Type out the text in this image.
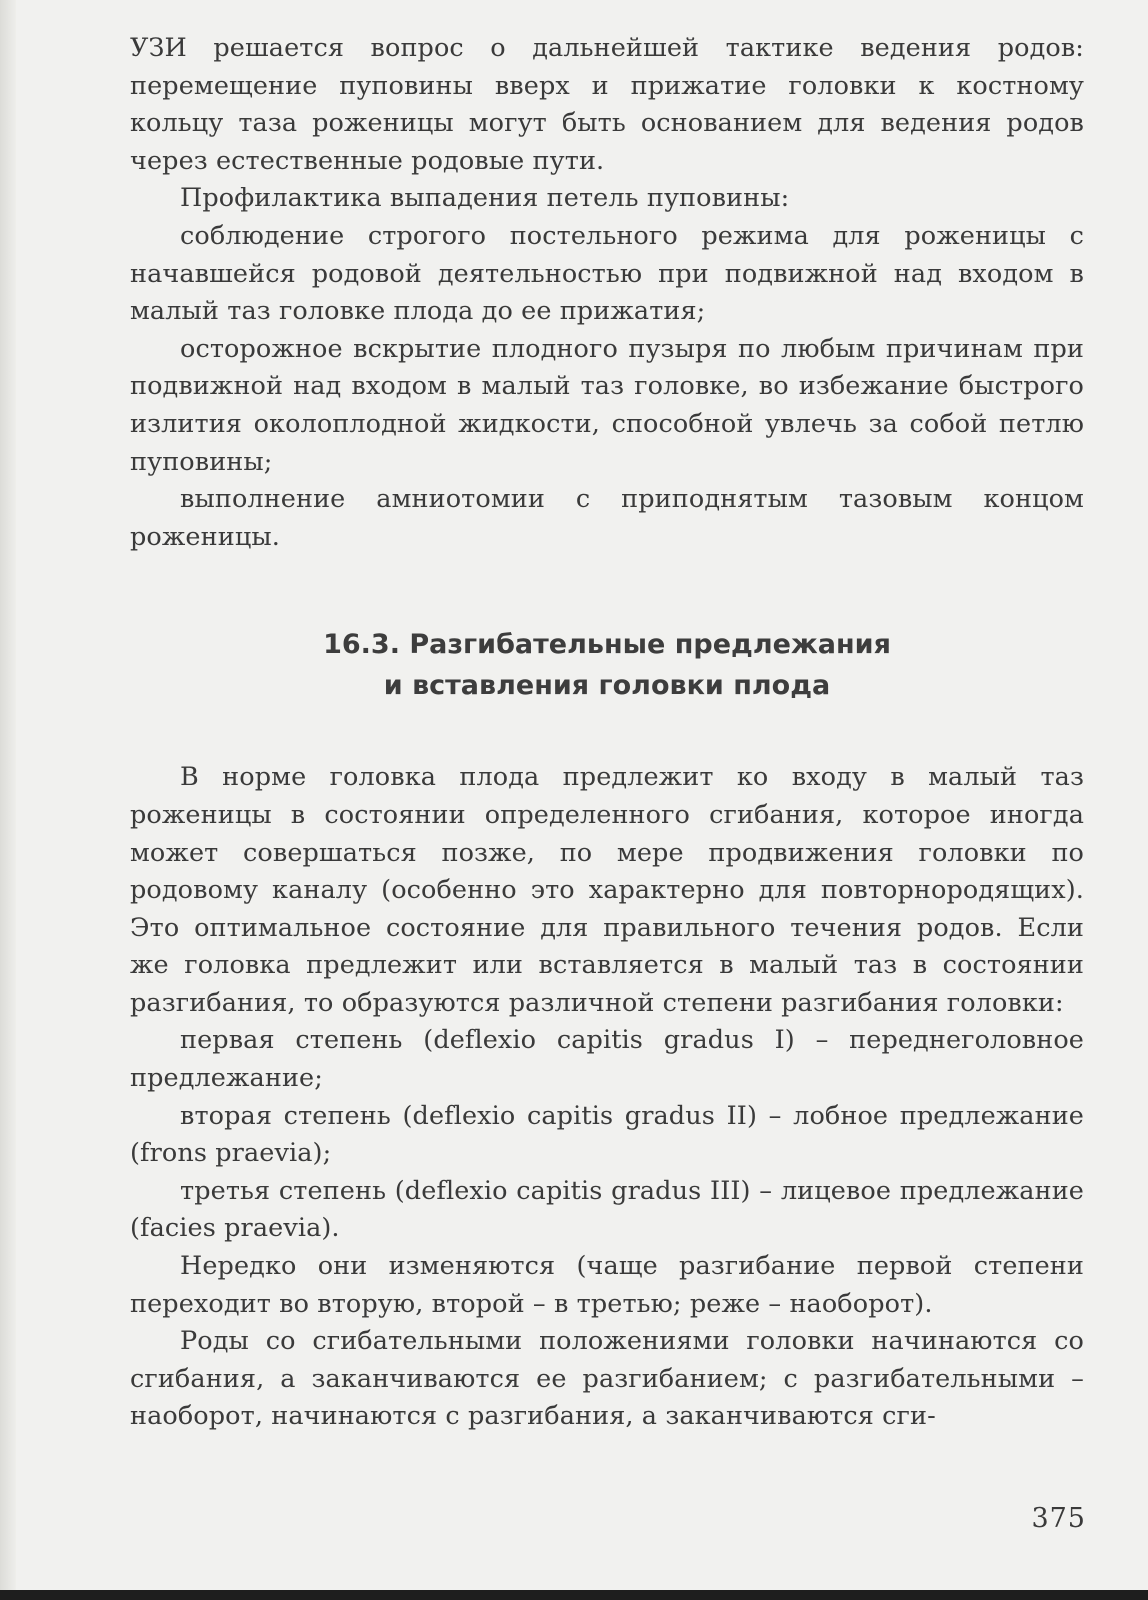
УЗИ решается вопрос о дальнейшей тактике ведения родов: перемещение пуповины вверх и прижатие головки к костному кольцу таза роженицы могут быть основанием для ведения родов через естественные родовые пути.

Профилактика выпадения петель пуповины:

соблюдение строгого постельного режима для роженицы с начавшейся родовой деятельностью при подвижной над входом в малый таз головке плода до ее прижатия;

осторожное вскрытие плодного пузыря по любым причинам при подвижной над входом в малый таз головке, во избежание быстрого излития околоплодной жидкости, способной увлечь за собой петлю пуповины;

выполнение амниотомии с приподнятым тазовым концом роженицы.

16.3. Разгибательные предлежания
и вставления головки плода

В норме головка плода предлежит ко входу в малый таз роженицы в состоянии определенного сгибания, которое иногда может совершаться позже, по мере продвижения головки по родовому каналу (особенно это характерно для повторнородящих). Это оптимальное состояние для правильного течения родов. Если же головка предлежит или вставляется в малый таз в состоянии разгибания, то образуются различной степени разгибания головки:

первая степень (deflexio capitis gradus I) – переднеголовное предлежание;

вторая степень (deflexio capitis gradus II) – лобное предлежание (frons praevia);

третья степень (deflexio capitis gradus III) – лицевое предлежание (facies praevia).

Нередко они изменяются (чаще разгибание первой степени переходит во вторую, второй – в третью; реже – наоборот).

Роды со сгибательными положениями головки начинаются со сгибания, а заканчиваются ее разгибанием; с разгибательными – наоборот, начинаются с разгибания, а заканчиваются сги-

375
